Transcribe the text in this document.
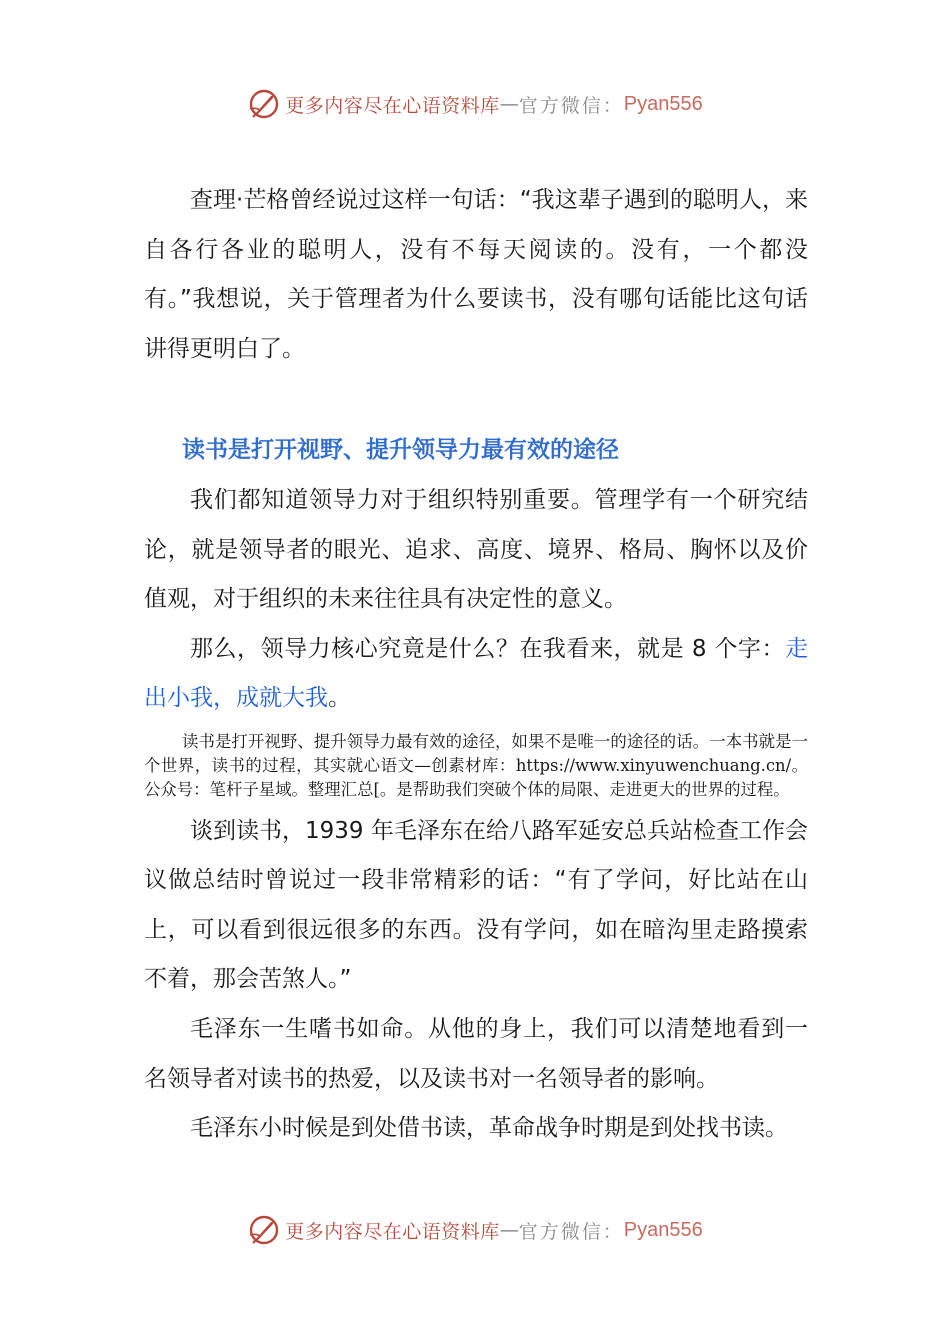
更多内容尽在心语资料库 — 官方微信： Pyan556

查理·芒格曾经说过这样一句话：“我这辈子遇到的聪明人，来自各行各业的聪明人，没有不每天阅读的。没有，一个都没有。”我想说，关于管理者为什么要读书，没有哪句话能比这句话讲得更明白了。

读书是打开视野、提升领导力最有效的途径

我们都知道领导力对于组织特别重要。管理学有一个研究结论，就是领导者的眼光、追求、高度、境界、格局、胸怀以及价值观，对于组织的未来往往具有决定性的意义。

那么，领导力核心究竟是什么？在我看来，就是 8 个字：走出小我，成就大我。

读书是打开视野、提升领导力最有效的途径，如果不是唯一的途径的话。一本书就是一个世界，读书的过程，其实就心语文—创素材库：https://www.xinyuwenchuang.cn/。公众号：笔杆子星域。整理汇总[。是帮助我们突破个体的局限、走进更大的世界的过程。

谈到读书，1939 年毛泽东在给八路军延安总兵站检查工作会议做总结时曾说过一段非常精彩的话：“有了学问，好比站在山上，可以看到很远很多的东西。没有学问，如在暗沟里走路摸索不着，那会苦煞人。”

毛泽东一生嗜书如命。从他的身上，我们可以清楚地看到一名领导者对读书的热爱，以及读书对一名领导者的影响。

毛泽东小时候是到处借书读，革命战争时期是到处找书读。

更多内容尽在心语资料库 — 官方微信： Pyan556
